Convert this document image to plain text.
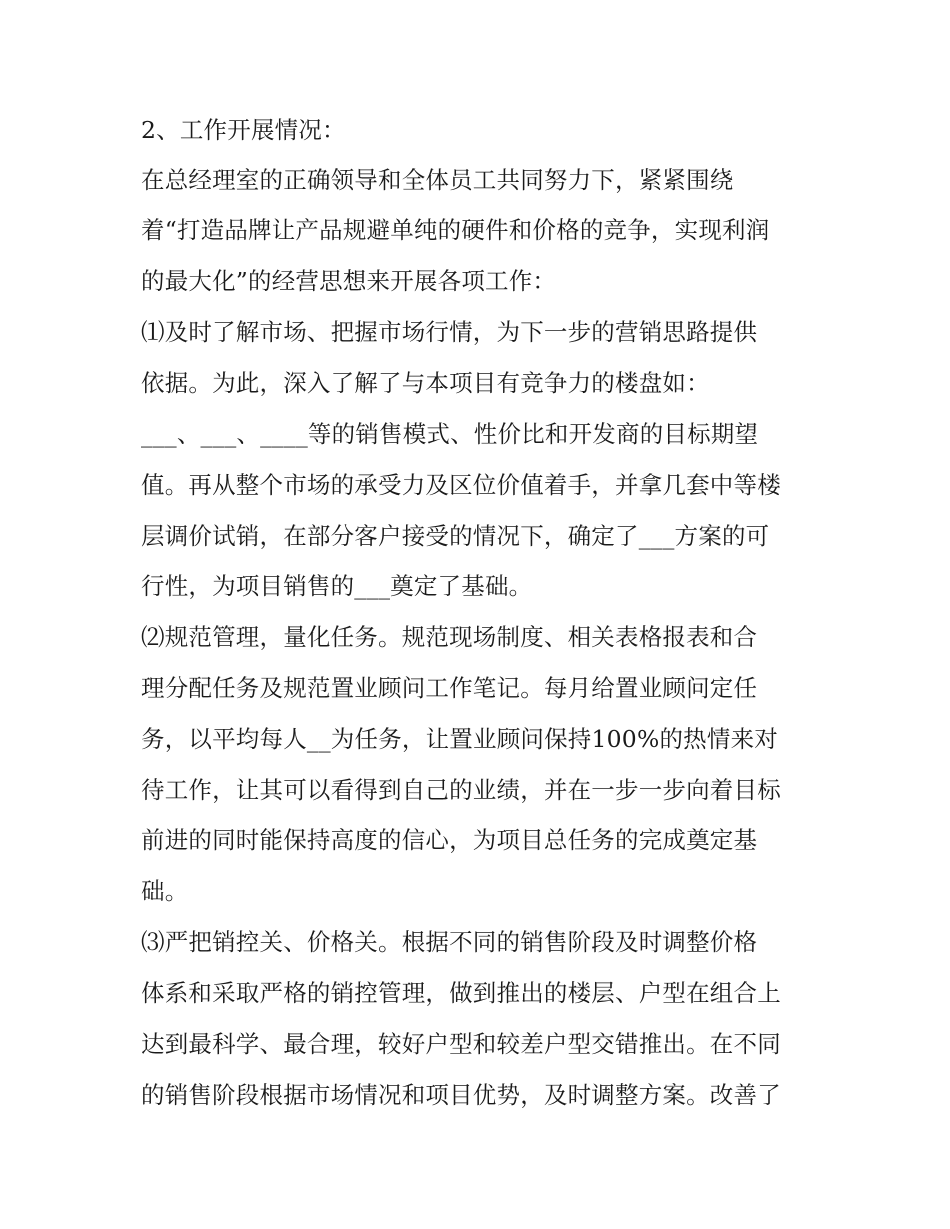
2、工作开展情况：
在总经理室的正确领导和全体员工共同努力下，紧紧围绕
着“打造品牌让产品规避单纯的硬件和价格的竞争，实现利润
的最大化”的经营思想来开展各项工作：
⑴及时了解市场、把握市场行情，为下一步的营销思路提供
依据。为此，深入了解了与本项目有竞争力的楼盘如：
___、___、____等的销售模式、性价比和开发商的目标期望
值。再从整个市场的承受力及区位价值着手，并拿几套中等楼
层调价试销，在部分客户接受的情况下，确定了___方案的可
行性，为项目销售的___奠定了基础。
⑵规范管理，量化任务。规范现场制度、相关表格报表和合
理分配任务及规范置业顾问工作笔记。每月给置业顾问定任
务，以平均每人__为任务，让置业顾问保持100%的热情来对
待工作，让其可以看得到自己的业绩，并在一步一步向着目标
前进的同时能保持高度的信心，为项目总任务的完成奠定基
础。
⑶严把销控关、价格关。根据不同的销售阶段及时调整价格
体系和采取严格的销控管理，做到推出的楼层、户型在组合上
达到最科学、最合理，较好户型和较差户型交错推出。在不同
的销售阶段根据市场情况和项目优势，及时调整方案。改善了
